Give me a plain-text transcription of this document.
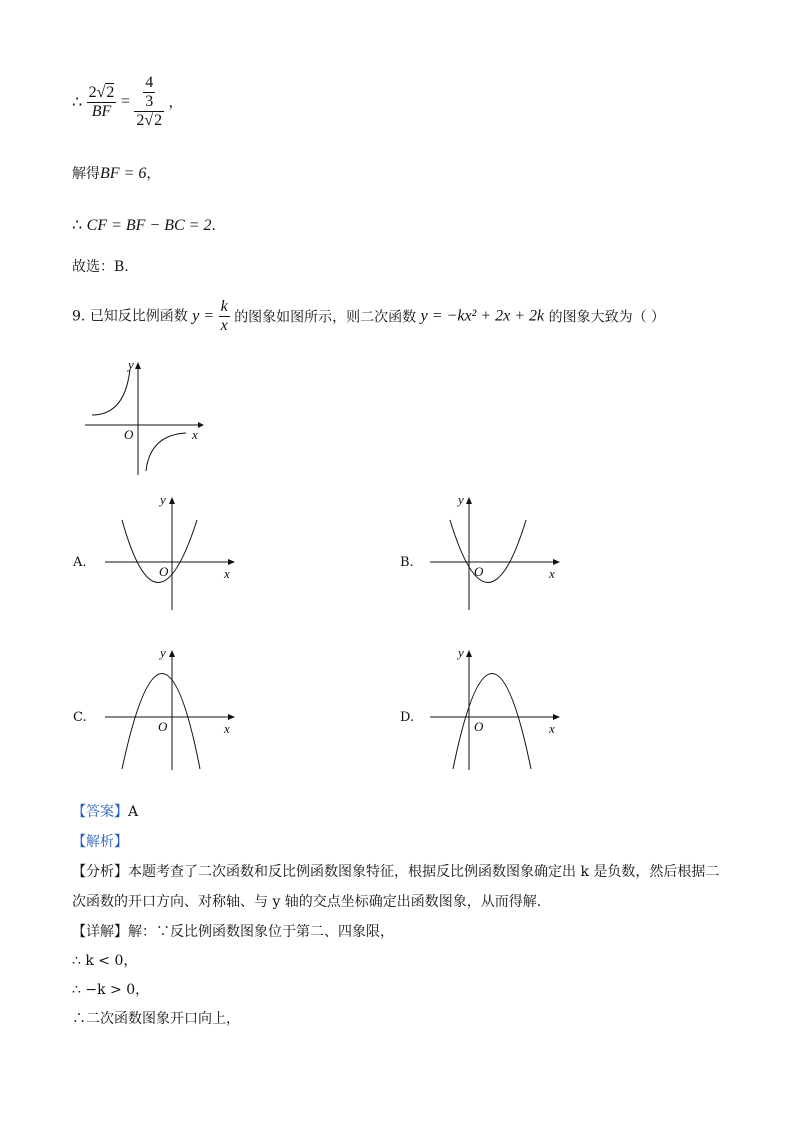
∴ $\frac{2√2}{BF} = \frac{\frac{4}{3}}{2√2}$ ，
解得BF = 6，
∴ CF = BF − BC = 2.
故选：B.
9. 已知反比例函数 $y = \frac{k}{x}$ 的图象如图所示，则二次函数 y = −kx² + 2x + 2k 的图象大致为（ ）
y
x
O
A.
y
x
O
B.
y
x
O
C.
y
x
O
D.
y
x
O
【答案】A
【解析】
【分析】本题考查了二次函数和反比例函数图象特征，根据反比例函数图象确定出 k 是负数，然后根据二
次函数的开口方向、对称轴、与 y 轴的交点坐标确定出函数图象，从而得解.
【详解】解：∵反比例函数图象位于第二、四象限，
∴ k < 0，
∴ −k > 0，
∴二次函数图象开口向上，
